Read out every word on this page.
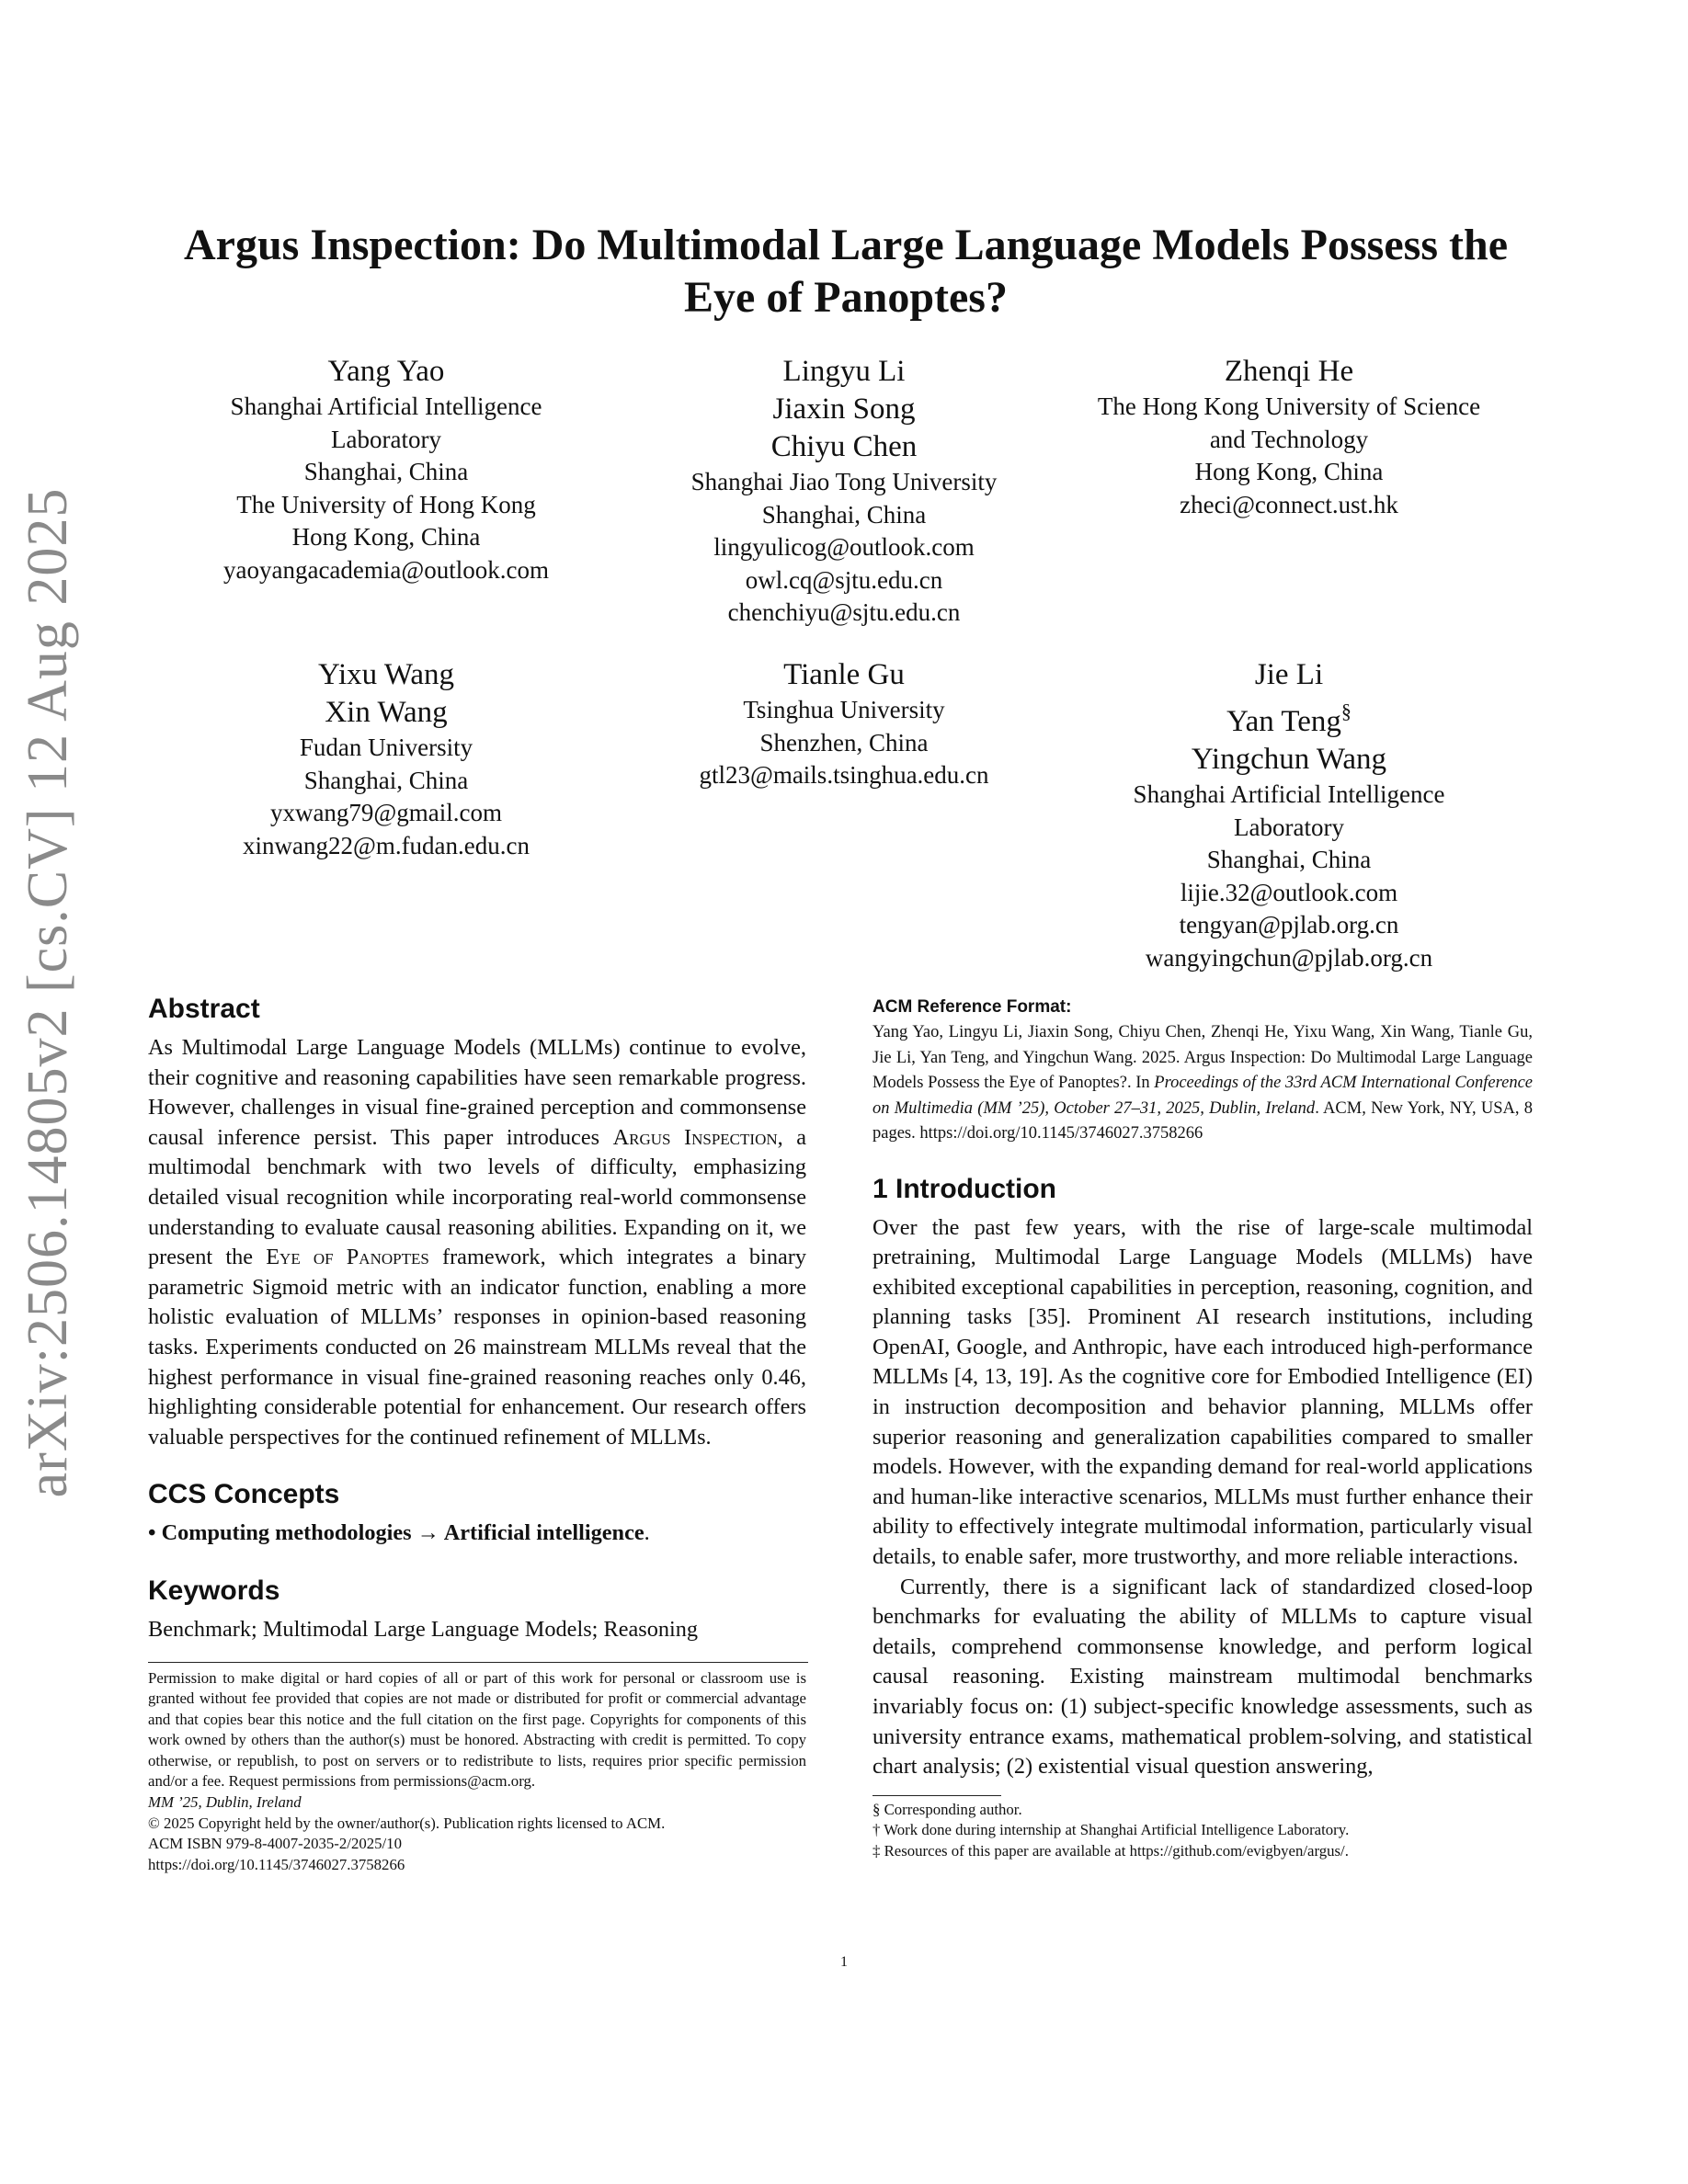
arXiv:2506.14805v2 [cs.CV] 12 Aug 2025
Argus Inspection: Do Multimodal Large Language Models Possess the Eye of Panoptes?
Yang Yao
Shanghai Artificial Intelligence
Laboratory
Shanghai, China
The University of Hong Kong
Hong Kong, China
yaoyangacademia@outlook.com
Lingyu Li
Jiaxin Song
Chiyu Chen
Shanghai Jiao Tong University
Shanghai, China
lingyulicog@outlook.com
owl.cq@sjtu.edu.cn
chenchiyu@sjtu.edu.cn
Zhenqi He
The Hong Kong University of Science
and Technology
Hong Kong, China
zheci@connect.ust.hk
Yixu Wang
Xin Wang
Fudan University
Shanghai, China
yxwang79@gmail.com
xinwang22@m.fudan.edu.cn
Tianle Gu
Tsinghua University
Shenzhen, China
gtl23@mails.tsinghua.edu.cn
Jie Li
Yan Teng§
Yingchun Wang
Shanghai Artificial Intelligence
Laboratory
Shanghai, China
lijie.32@outlook.com
tengyan@pjlab.org.cn
wangyingchun@pjlab.org.cn
Abstract

As Multimodal Large Language Models (MLLMs) continue to evolve, their cognitive and reasoning capabilities have seen remarkable progress. However, challenges in visual fine-grained perception and commonsense causal inference persist. This paper introduces Argus Inspection, a multimodal benchmark with two levels of difficulty, emphasizing detailed visual recognition while incorporating real-world commonsense understanding to evaluate causal reasoning abilities. Expanding on it, we present the Eye of Panoptes framework, which integrates a binary parametric Sigmoid metric with an indicator function, enabling a more holistic evaluation of MLLMs’ responses in opinion-based reasoning tasks. Experiments conducted on 26 mainstream MLLMs reveal that the highest performance in visual fine-grained reasoning reaches only 0.46, highlighting considerable potential for enhancement. Our research offers valuable perspectives for the continued refinement of MLLMs.

CCS Concepts

• Computing methodologies → Artificial intelligence.

Keywords

Benchmark; Multimodal Large Language Models; Reasoning

Permission to make digital or hard copies of all or part of this work for personal or classroom use is granted without fee provided that copies are not made or distributed for profit or commercial advantage and that copies bear this notice and the full citation on the first page. Copyrights for components of this work owned by others than the author(s) must be honored. Abstracting with credit is permitted. To copy otherwise, or republish, to post on servers or to redistribute to lists, requires prior specific permission and/or a fee. Request permissions from permissions@acm.org.

MM ’25, Dublin, Ireland

© 2025 Copyright held by the owner/author(s). Publication rights licensed to ACM.

ACM ISBN 979-8-4007-2035-2/2025/10

https://doi.org/10.1145/3746027.3758266

ACM Reference Format:

Yang Yao, Lingyu Li, Jiaxin Song, Chiyu Chen, Zhenqi He, Yixu Wang, Xin Wang, Tianle Gu, Jie Li, Yan Teng, and Yingchun Wang. 2025. Argus Inspection: Do Multimodal Large Language Models Possess the Eye of Panoptes?. In Proceedings of the 33rd ACM International Conference on Multimedia (MM ’25), October 27–31, 2025, Dublin, Ireland. ACM, New York, NY, USA, 8 pages. https://doi.org/10.1145/3746027.3758266

1 Introduction

Over the past few years, with the rise of large-scale multimodal pretraining, Multimodal Large Language Models (MLLMs) have exhibited exceptional capabilities in perception, reasoning, cognition, and planning tasks [35]. Prominent AI research institutions, including OpenAI, Google, and Anthropic, have each introduced high-performance MLLMs [4, 13, 19]. As the cognitive core for Embodied Intelligence (EI) in instruction decomposition and behavior planning, MLLMs offer superior reasoning and generalization capabilities compared to smaller models. However, with the expanding demand for real-world applications and human-like interactive scenarios, MLLMs must further enhance their ability to effectively integrate multimodal information, particularly visual details, to enable safer, more trustworthy, and more reliable interactions.

Currently, there is a significant lack of standardized closed-loop benchmarks for evaluating the ability of MLLMs to capture visual details, comprehend commonsense knowledge, and perform logical causal reasoning. Existing mainstream multimodal benchmarks invariably focus on: (1) subject-specific knowledge assessments, such as university entrance exams, mathematical problem-solving, and statistical chart analysis; (2) existential visual question answering,

§ Corresponding author.

† Work done during internship at Shanghai Artificial Intelligence Laboratory.

‡ Resources of this paper are available at https://github.com/evigbyen/argus/.

1
